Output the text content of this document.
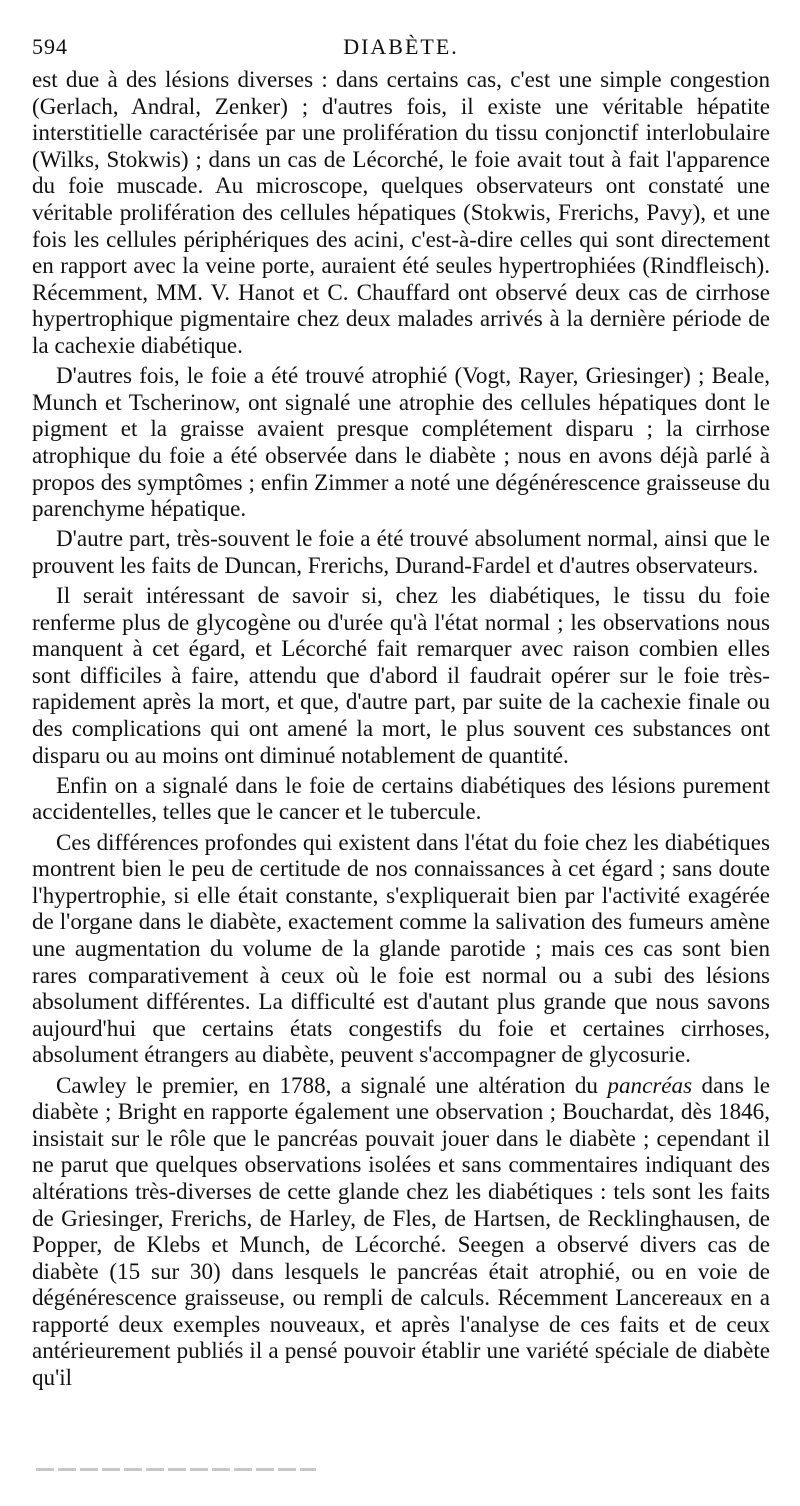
594	DIABÈTE.

est due à des lésions diverses : dans certains cas, c'est une simple congestion (Gerlach, Andral, Zenker) ; d'autres fois, il existe une véritable hépatite interstitielle caractérisée par une prolifération du tissu conjonctif interlobulaire (Wilks, Stokwis) ; dans un cas de Lécorché, le foie avait tout à fait l'apparence du foie muscade. Au microscope, quelques observateurs ont constaté une véritable prolifération des cellules hépatiques (Stokwis, Frerichs, Pavy), et une fois les cellules périphériques des acini, c'est-à-dire celles qui sont directement en rapport avec la veine porte, auraient été seules hypertrophiées (Rindfleisch). Récemment, MM. V. Hanot et C. Chauffard ont observé deux cas de cirrhose hypertrophique pigmentaire chez deux malades arrivés à la dernière période de la cachexie diabétique.

D'autres fois, le foie a été trouvé atrophié (Vogt, Rayer, Griesinger) ; Beale, Munch et Tscherinow, ont signalé une atrophie des cellules hépatiques dont le pigment et la graisse avaient presque complétement disparu ; la cirrhose atrophique du foie a été observée dans le diabète ; nous en avons déjà parlé à propos des symptômes ; enfin Zimmer a noté une dégénérescence graisseuse du parenchyme hépatique.

D'autre part, très-souvent le foie a été trouvé absolument normal, ainsi que le prouvent les faits de Duncan, Frerichs, Durand-Fardel et d'autres observateurs.

Il serait intéressant de savoir si, chez les diabétiques, le tissu du foie renferme plus de glycogène ou d'urée qu'à l'état normal ; les observations nous manquent à cet égard, et Lécorché fait remarquer avec raison combien elles sont difficiles à faire, attendu que d'abord il faudrait opérer sur le foie très-rapidement après la mort, et que, d'autre part, par suite de la cachexie finale ou des complications qui ont amené la mort, le plus souvent ces substances ont disparu ou au moins ont diminué notablement de quantité.

Enfin on a signalé dans le foie de certains diabétiques des lésions purement accidentelles, telles que le cancer et le tubercule.

Ces différences profondes qui existent dans l'état du foie chez les diabétiques montrent bien le peu de certitude de nos connaissances à cet égard ; sans doute l'hypertrophie, si elle était constante, s'expliquerait bien par l'activité exagérée de l'organe dans le diabète, exactement comme la salivation des fumeurs amène une augmentation du volume de la glande parotide ; mais ces cas sont bien rares comparativement à ceux où le foie est normal ou a subi des lésions absolument différentes. La difficulté est d'autant plus grande que nous savons aujourd'hui que certains états congestifs du foie et certaines cirrhoses, absolument étrangers au diabète, peuvent s'accompagner de glycosurie.

Cawley le premier, en 1788, a signalé une altération du pancréas dans le diabète ; Bright en rapporte également une observation ; Bouchardat, dès 1846, insistait sur le rôle que le pancréas pouvait jouer dans le diabète ; cependant il ne parut que quelques observations isolées et sans commentaires indiquant des altérations très-diverses de cette glande chez les diabétiques : tels sont les faits de Griesinger, Frerichs, de Harley, de Fles, de Hartsen, de Recklinghausen, de Popper, de Klebs et Munch, de Lécorché. Seegen a observé divers cas de diabète (15 sur 30) dans lesquels le pancréas était atrophié, ou en voie de dégénérescence graisseuse, ou rempli de calculs. Récemment Lancereaux en a rapporté deux exemples nouveaux, et après l'analyse de ces faits et de ceux antérieurement publiés il a pensé pouvoir établir une variété spéciale de diabète qu'il
